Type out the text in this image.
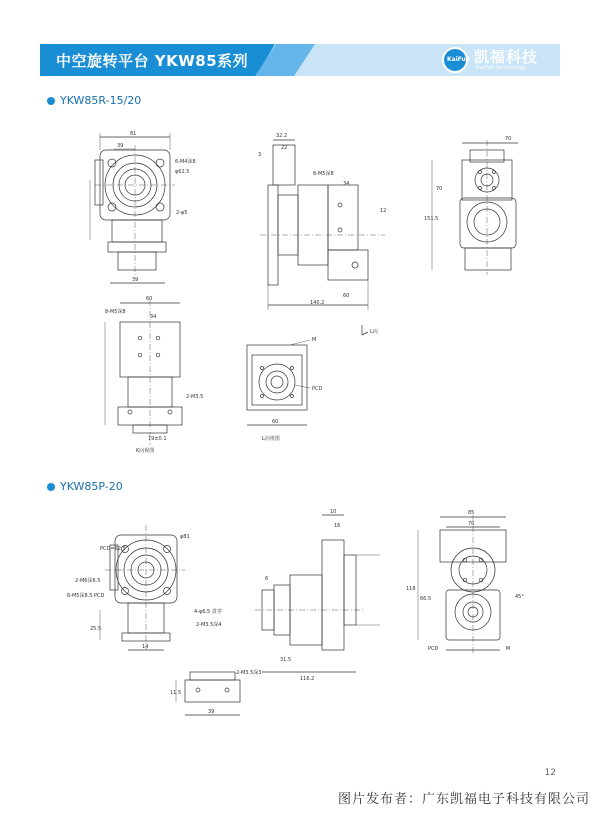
中空旋转平台 YKW85系列	KaiFull 凯福科技
KaiFull Technology
YKW85R-15/20
YKW85P-20
81
39
6-M4深8
φ62.5
2-φ5
39
32.2
22
3
8-M5深8
34
12
140.2
60
L向
70
151.5
70
60
8-M5深8
34
2-M3.5
19±0.1
K向视图
M
PCD
60
L向视图
PCD=62.5
φ81
2-M6深6.5
6-M5深8.5 PCD
4-φ6.5 贯穿
2-M3.5深4
25.5
14
10
16
6
31.5
116.2
85
70
118
66.5	45°
PCD	M
2-M3.5深3
11.5
39
12
图片发布者：广东凯福电子科技有限公司
